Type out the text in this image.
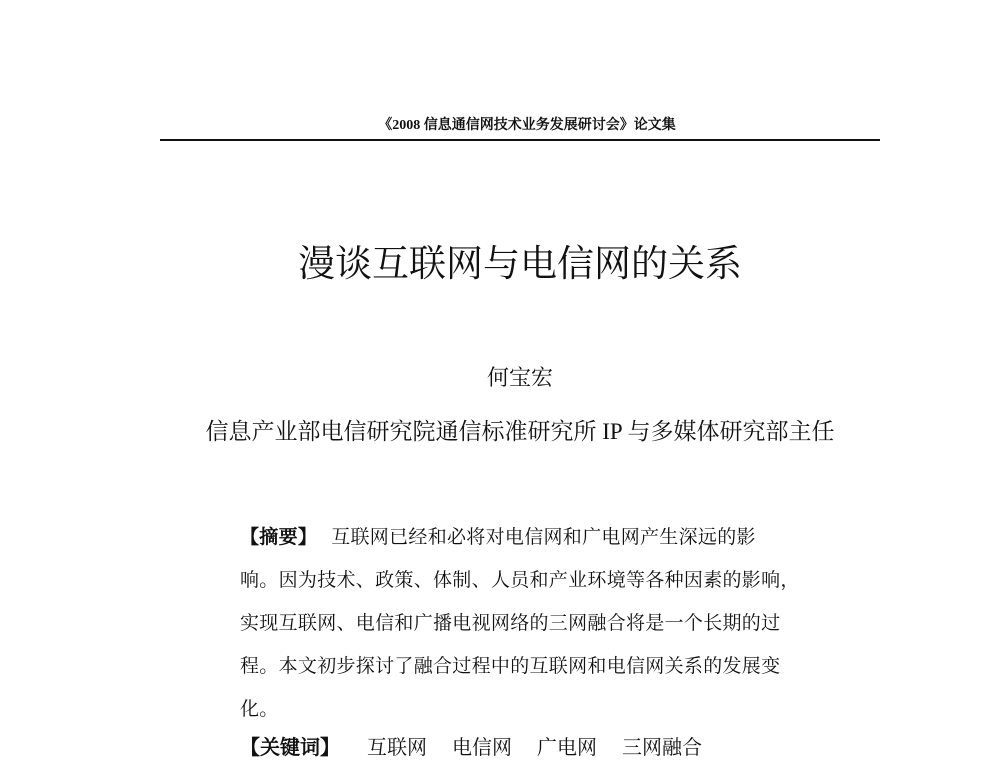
《2008 信息通信网技术业务发展研讨会》论文集
漫谈互联网与电信网的关系
何宝宏
信息产业部电信研究院通信标准研究所 IP 与多媒体研究部主任
【摘要】 互联网已经和必将对电信网和广电网产生深远的影
响。因为技术、政策、体制、人员和产业环境等各种因素的影响，
实现互联网、电信和广播电视网络的三网融合将是一个长期的过
程。本文初步探讨了融合过程中的互联网和电信网关系的发展变
化。
【关键词】 互联网 电信网 广电网 三网融合
